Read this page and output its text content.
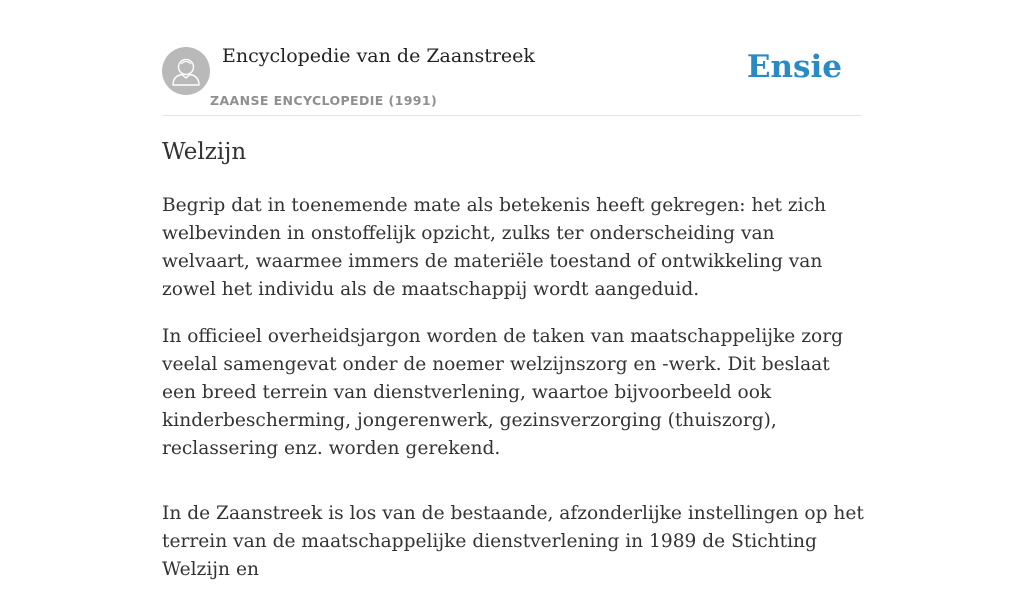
Encyclopedie van de Zaanstreek
ZAANSE ENCYCLOPEDIE (1991)
Ensie
Welzijn

Begrip dat in toenemende mate als betekenis heeft gekregen: het zich welbevinden in onstoffelijk opzicht, zulks ter onderscheiding van welvaart, waarmee immers de materiële toestand of ontwikkeling van zowel het individu als de maatschappij wordt aangeduid.

In officieel overheidsjargon worden de taken van maatschappelijke zorg veelal samengevat onder de noemer welzijnszorg en -werk. Dit beslaat een breed terrein van dienstverlening, waartoe bijvoorbeeld ook kinderbescherming, jongerenwerk, gezinsverzorging (thuiszorg), reclassering enz. worden gerekend.

In de Zaanstreek is los van de bestaande, afzonderlijke instellingen op het terrein van de maatschappelijke dienstverlening in 1989 de Stichting Welzijn en
